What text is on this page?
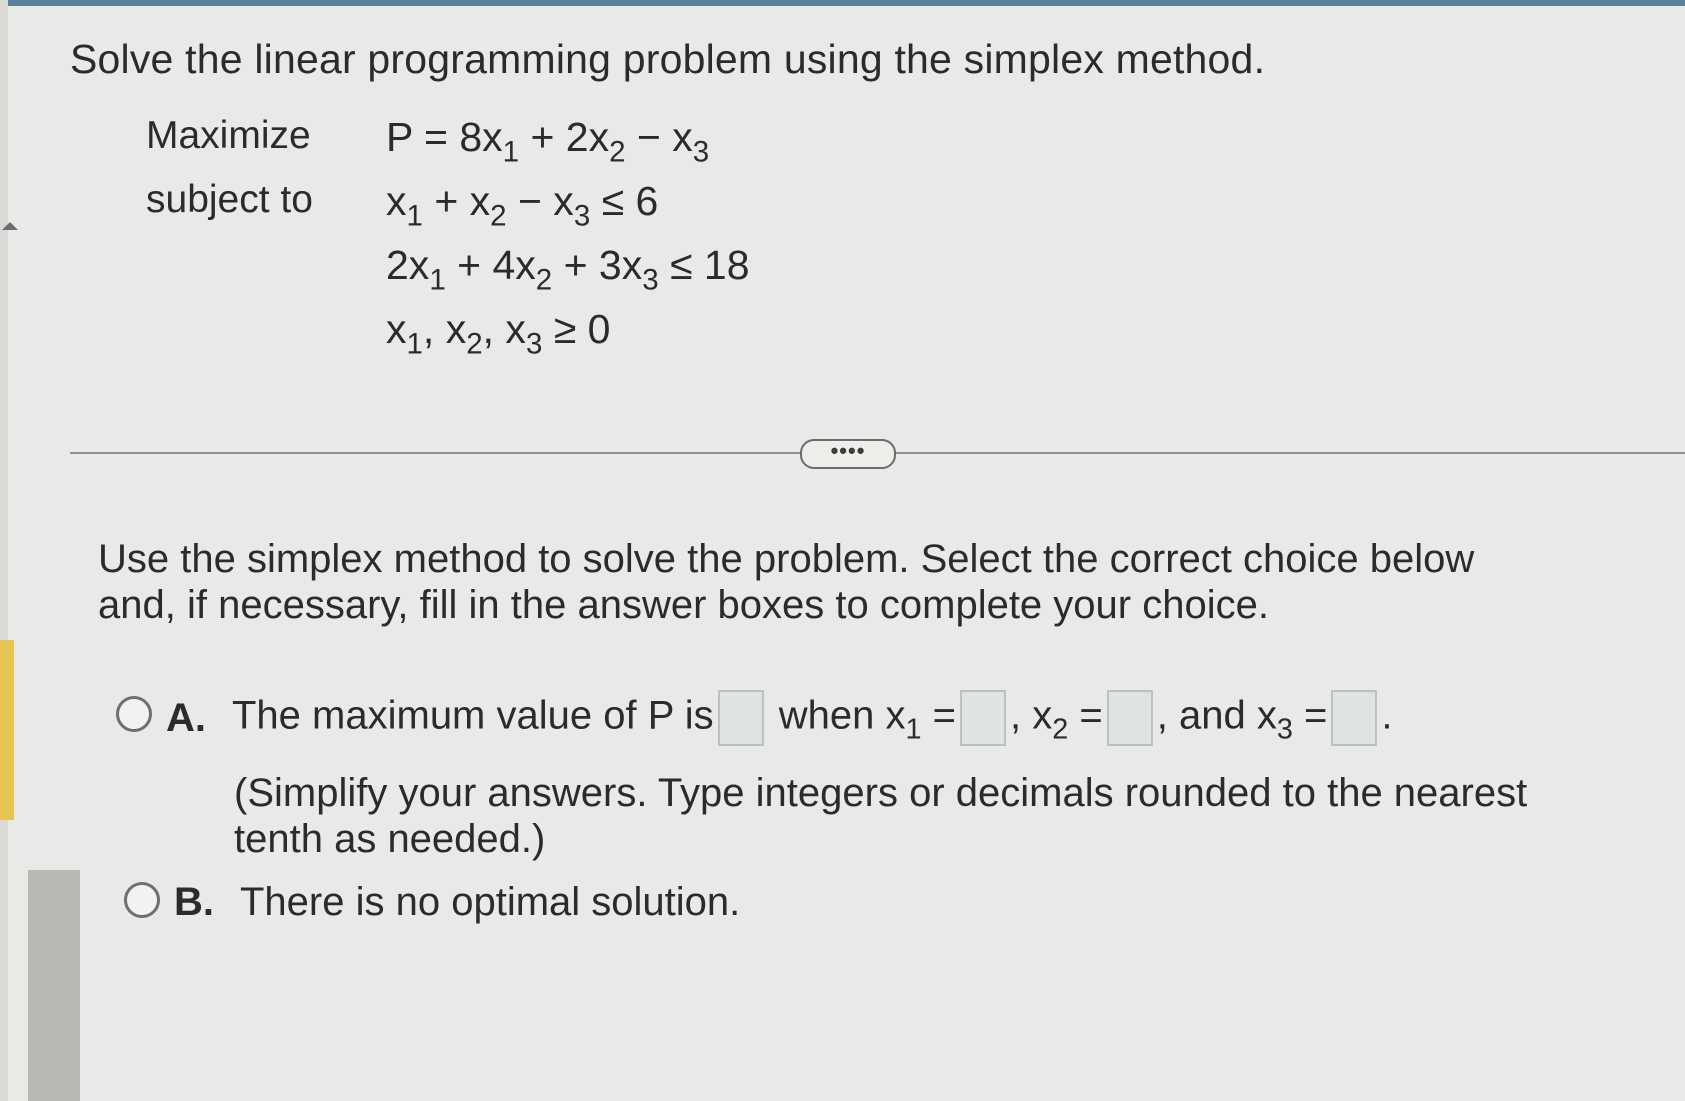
Solve the linear programming problem using the simplex method.
Maximize
subject to
$P = 8x_1 + 2x_2 - x_3$
$x_1 + x_2 - x_3 \le 6$
$2x_1 + 4x_2 + 3x_3 \le 18$
$x_1$, $x_2$, $x_3 \ge 0$
••••
Use the simplex method to solve the problem. Select the correct choice below and, if necessary, fill in the answer boxes to complete your choice.
A. The maximum value of P is when $x_1$ = , $x_2$ = , and $x_3$ = .
(Simplify your answers. Type integers or decimals rounded to the nearest tenth as needed.)
B. There is no optimal solution.
